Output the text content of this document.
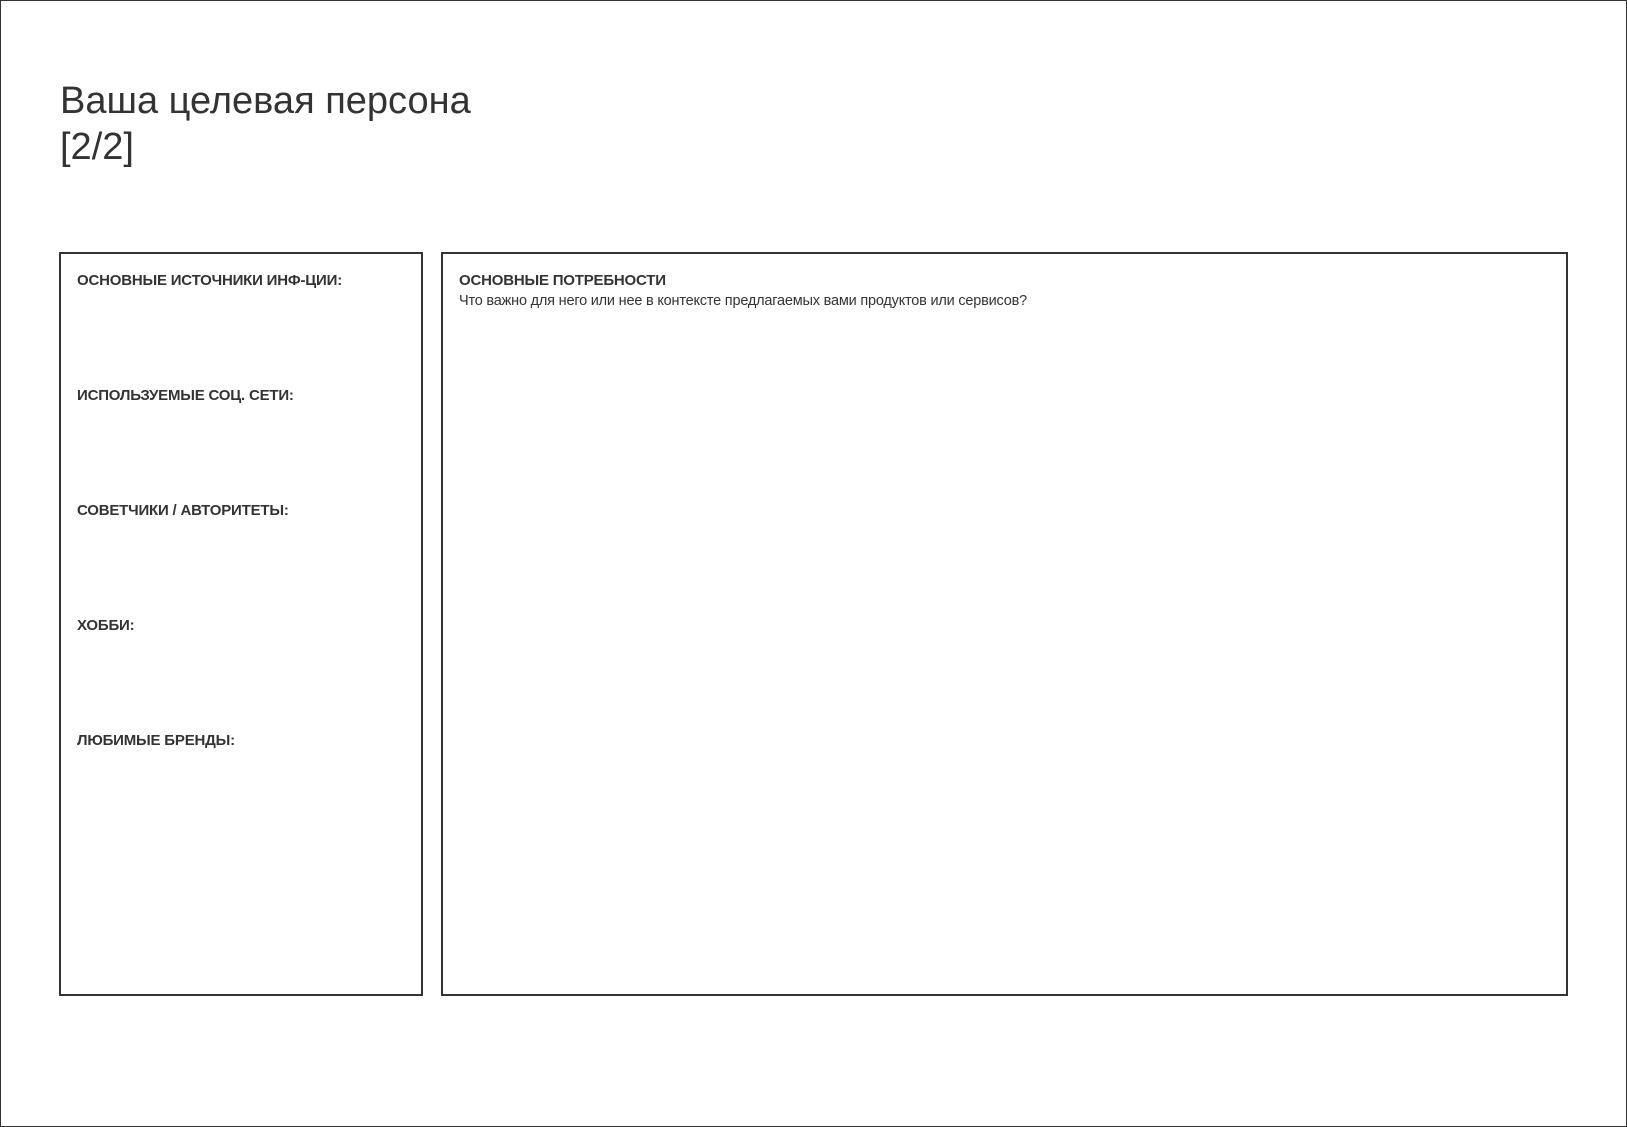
Ваша целевая персона
[2/2]
ОСНОВНЫЕ ИСТОЧНИКИ ИНФ-ЦИИ:
ИСПОЛЬЗУЕМЫЕ СОЦ. СЕТИ:
СОВЕТЧИКИ / АВТОРИТЕТЫ:
ХОББИ:
ЛЮБИМЫЕ БРЕНДЫ:
ОСНОВНЫЕ ПОТРЕБНОСТИ
Что важно для него или нее в контексте предлагаемых вами продуктов или сервисов?
